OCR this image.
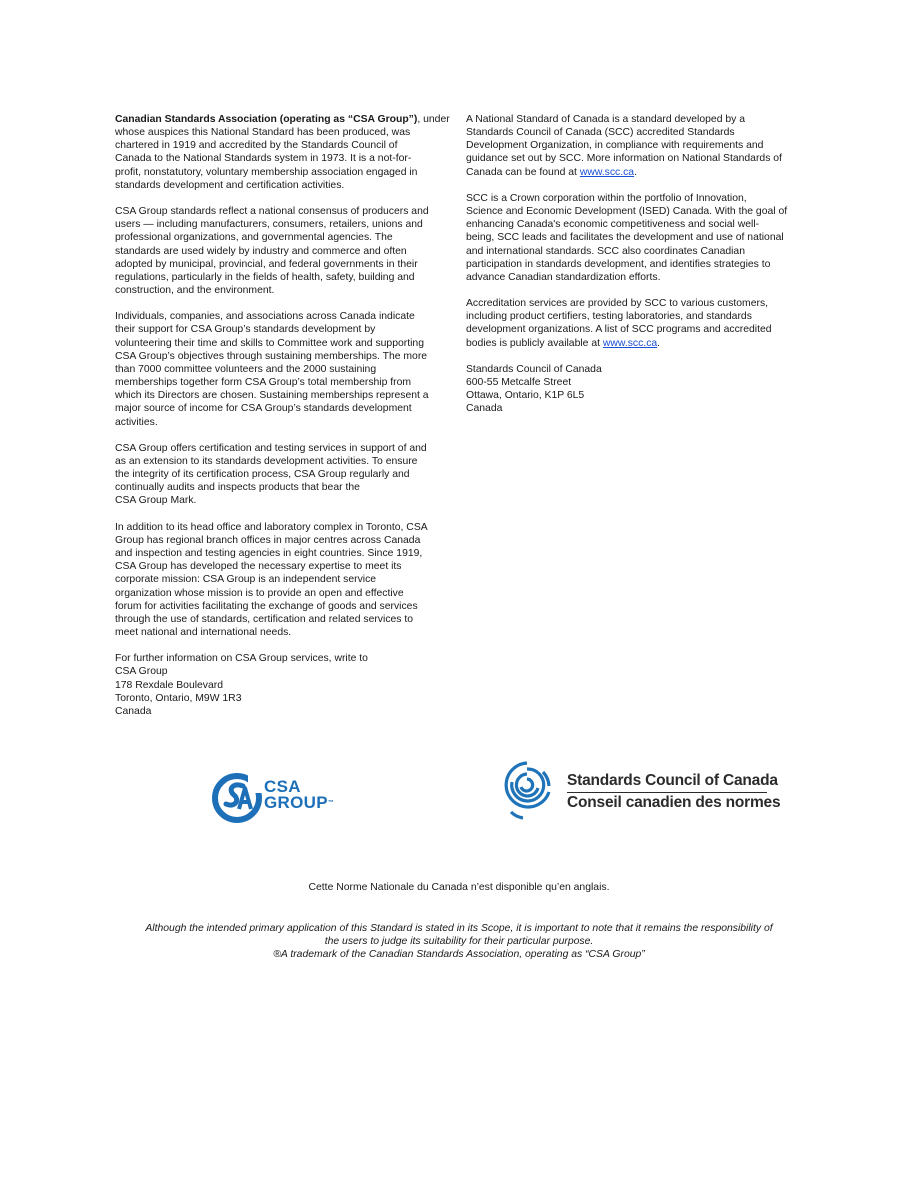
Canadian Standards Association (operating as “CSA Group”), under
whose auspices this National Standard has been produced, was
chartered in 1919 and accredited by the Standards Council of
Canada to the National Standards system in 1973. It is a not-for-
profit, nonstatutory, voluntary membership association engaged in
standards development and certification activities.

CSA Group standards reflect a national consensus of producers and
users — including manufacturers, consumers, retailers, unions and
professional organizations, and governmental agencies. The
standards are used widely by industry and commerce and often
adopted by municipal, provincial, and federal governments in their
regulations, particularly in the fields of health, safety, building and
construction, and the environment.

Individuals, companies, and associations across Canada indicate
their support for CSA Group’s standards development by
volunteering their time and skills to Committee work and supporting
CSA Group’s objectives through sustaining memberships. The more
than 7000 committee volunteers and the 2000 sustaining
memberships together form CSA Group’s total membership from
which its Directors are chosen. Sustaining memberships represent a
major source of income for CSA Group’s standards development
activities.

CSA Group offers certification and testing services in support of and
as an extension to its standards development activities. To ensure
the integrity of its certification process, CSA Group regularly and
continually audits and inspects products that bear the
CSA Group Mark.

In addition to its head office and laboratory complex in Toronto, CSA
Group has regional branch offices in major centres across Canada
and inspection and testing agencies in eight countries. Since 1919,
CSA Group has developed the necessary expertise to meet its
corporate mission: CSA Group is an independent service
organization whose mission is to provide an open and effective
forum for activities facilitating the exchange of goods and services
through the use of standards, certification and related services to
meet national and international needs.

For further information on CSA Group services, write to
CSA Group
178 Rexdale Boulevard
Toronto, Ontario, M9W 1R3
Canada

A National Standard of Canada is a standard developed by a
Standards Council of Canada (SCC) accredited Standards
Development Organization, in compliance with requirements and
guidance set out by SCC. More information on National Standards of
Canada can be found at www.scc.ca.

SCC is a Crown corporation within the portfolio of Innovation,
Science and Economic Development (ISED) Canada. With the goal of
enhancing Canada's economic competitiveness and social well-
being, SCC leads and facilitates the development and use of national
and international standards. SCC also coordinates Canadian
participation in standards development, and identifies strategies to
advance Canadian standardization efforts.

Accreditation services are provided by SCC to various customers,
including product certifiers, testing laboratories, and standards
development organizations. A list of SCC programs and accredited
bodies is publicly available at www.scc.ca.

Standards Council of Canada
600-55 Metcalfe Street
Ottawa, Ontario, K1P 6L5
Canada

CSA
GROUP™
Standards Council of Canada
Conseil canadien des normes
Cette Norme Nationale du Canada n’est disponible qu’en anglais.
Although the intended primary application of this Standard is stated in its Scope, it is important to note that it remains the responsibility of
the users to judge its suitability for their particular purpose.
®A trademark of the Canadian Standards Association, operating as “CSA Group”
